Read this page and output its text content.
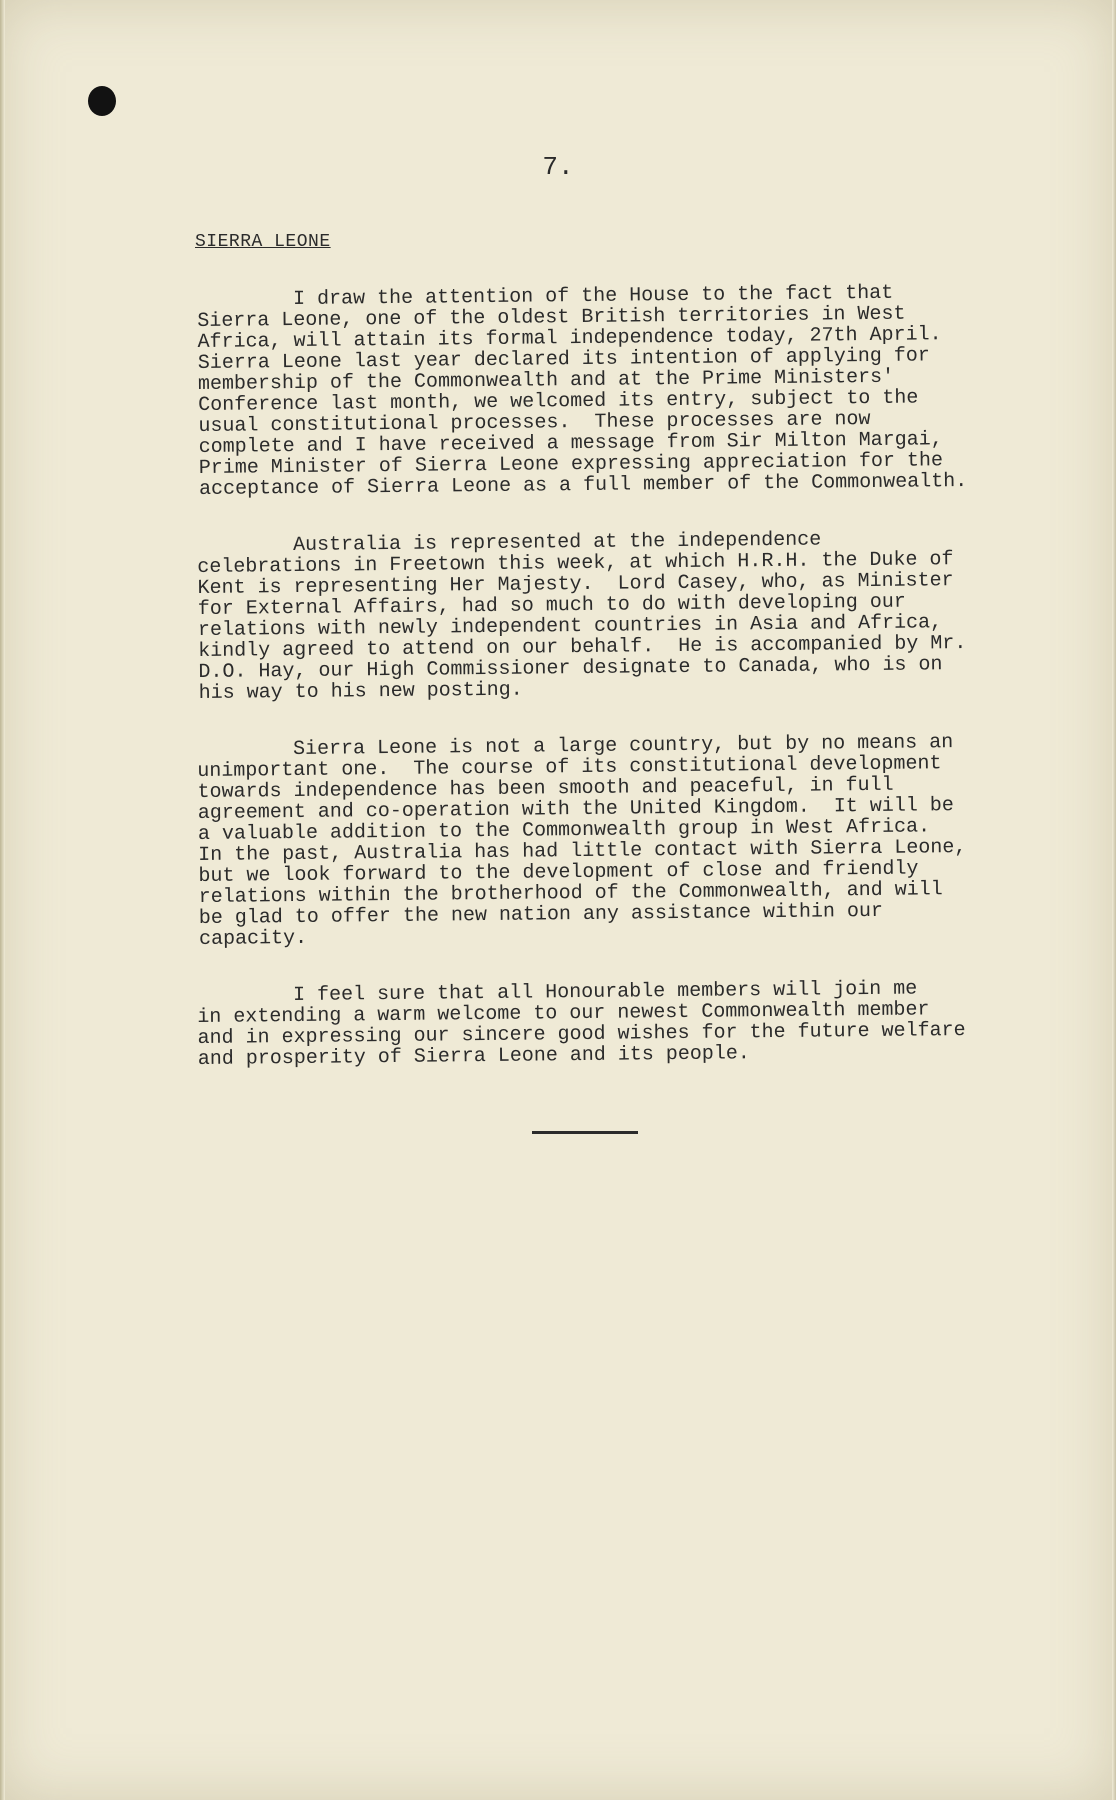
7.
SIERRA LEONE

I draw the attention of the House to the fact that
Sierra Leone, one of the oldest British territories in West
Africa, will attain its formal independence today, 27th April.
Sierra Leone last year declared its intention of applying for
membership of the Commonwealth and at the Prime Ministers'
Conference last month, we welcomed its entry, subject to the
usual constitutional processes.  These processes are now
complete and I have received a message from Sir Milton Margai,
Prime Minister of Sierra Leone expressing appreciation for the
acceptance of Sierra Leone as a full member of the Commonwealth.

Australia is represented at the independence
celebrations in Freetown this week, at which H.R.H. the Duke of
Kent is representing Her Majesty.  Lord Casey, who, as Minister
for External Affairs, had so much to do with developing our
relations with newly independent countries in Asia and Africa,
kindly agreed to attend on our behalf.  He is accompanied by Mr.
D.O. Hay, our High Commissioner designate to Canada, who is on
his way to his new posting.

Sierra Leone is not a large country, but by no means an
unimportant one.  The course of its constitutional development
towards independence has been smooth and peaceful, in full
agreement and co-operation with the United Kingdom.  It will be
a valuable addition to the Commonwealth group in West Africa.
In the past, Australia has had little contact with Sierra Leone,
but we look forward to the development of close and friendly
relations within the brotherhood of the Commonwealth, and will
be glad to offer the new nation any assistance within our
capacity.

I feel sure that all Honourable members will join me
in extending a warm welcome to our newest Commonwealth member
and in expressing our sincere good wishes for the future welfare
and prosperity of Sierra Leone and its people.
